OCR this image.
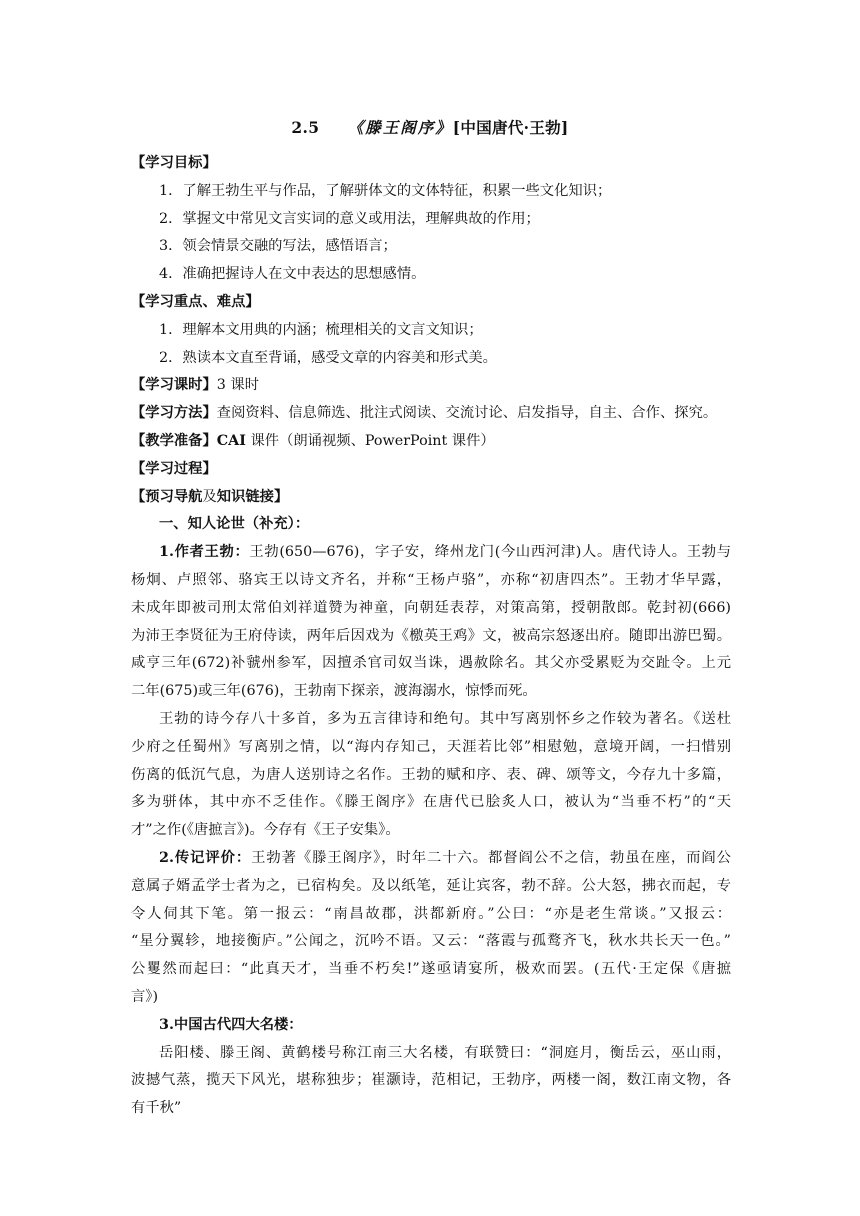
2.5 《滕王阁序》[中国唐代·王勃]
【学习目标】
1．了解王勃生平与作品，了解骈体文的文体特征，积累一些文化知识；
2．掌握文中常见文言实词的意义或用法，理解典故的作用；
3．领会情景交融的写法，感悟语言；
4．准确把握诗人在文中表达的思想感情。
【学习重点、难点】
1．理解本文用典的内涵；梳理相关的文言文知识；
2．熟读本文直至背诵，感受文章的内容美和形式美。
【学习课时】3 课时
【学习方法】查阅资料、信息筛选、批注式阅读、交流讨论、启发指导，自主、合作、探究。
【教学准备】CAI 课件（朗诵视频、PowerPoint 课件）
【学习过程】
【预习导航及知识链接】
一、知人论世（补充）：
1.作者王勃：王勃(650—676)，字子安，绛州龙门(今山西河津)人。唐代诗人。王勃与
杨炯、卢照邻、骆宾王以诗文齐名，并称“王杨卢骆”，亦称“初唐四杰”。王勃才华早露，
未成年即被司刑太常伯刘祥道赞为神童，向朝廷表荐，对策高第，授朝散郎。乾封初(666)
为沛王李贤征为王府侍读，两年后因戏为《檄英王鸡》文，被高宗怒逐出府。随即出游巴蜀。
咸亨三年(672)补虢州参军，因擅杀官司奴当诛，遇赦除名。其父亦受累贬为交趾令。上元
二年(675)或三年(676)，王勃南下探亲，渡海溺水，惊悸而死。
王勃的诗今存八十多首，多为五言律诗和绝句。其中写离别怀乡之作较为著名。《送杜
少府之任蜀州》写离别之情，以“海内存知己，天涯若比邻”相慰勉，意境开阔，一扫惜别
伤离的低沉气息，为唐人送别诗之名作。王勃的赋和序、表、碑、颂等文，今存九十多篇，
多为骈体，其中亦不乏佳作。《滕王阁序》在唐代已脍炙人口，被认为“当垂不朽”的“天
才”之作(《唐摭言》)。今存有《王子安集》。
2.传记评价：王勃著《滕王阁序》，时年二十六。都督阎公不之信，勃虽在座，而阎公
意属子婿孟学士者为之，已宿构矣。及以纸笔，延让宾客，勃不辞。公大怒，拂衣而起，专
令人伺其下笔。第一报云：“南昌故郡，洪都新府。”公曰：“亦是老生常谈。”又报云：
“星分翼轸，地接衡庐。”公闻之，沉吟不语。又云：“落霞与孤鹜齐飞，秋水共长天一色。”
公矍然而起曰：“此真天才，当垂不朽矣!”遂亟请宴所，极欢而罢。(五代·王定保《唐摭
言》)
3.中国古代四大名楼：
岳阳楼、滕王阁、黄鹤楼号称江南三大名楼，有联赞曰：“洞庭月，衡岳云，巫山雨，
波撼气蒸，揽天下风光，堪称独步；崔灏诗，范相记，王勃序，两楼一阁，数江南文物，各
有千秋”
